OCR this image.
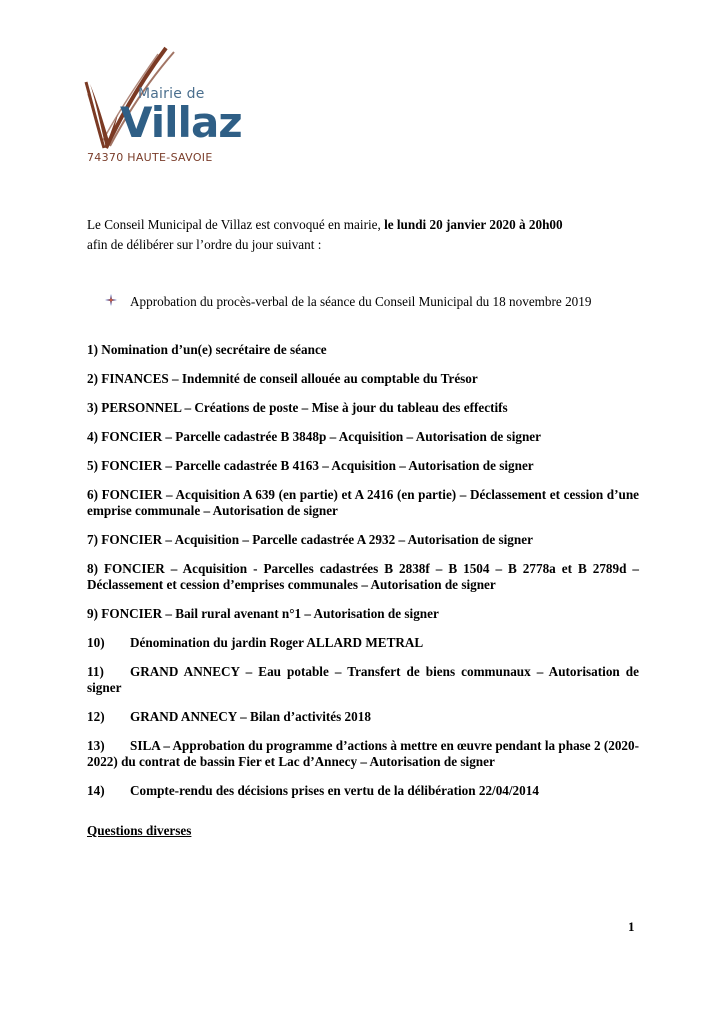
Mairie de
Villaz
74370 HAUTE-SAVOIE
Le Conseil Municipal de Villaz est convoqué en mairie, le lundi 20 janvier 2020 à 20h00
afin de délibérer sur l’ordre du jour suivant :
Approbation du procès-verbal de la séance du Conseil Municipal du 18 novembre 2019
1) Nomination d’un(e) secrétaire de séance
2) FINANCES – Indemnité de conseil allouée au comptable du Trésor
3) PERSONNEL – Créations de poste – Mise à jour du tableau des effectifs
4) FONCIER – Parcelle cadastrée B 3848p – Acquisition – Autorisation de signer
5) FONCIER – Parcelle cadastrée B 4163 – Acquisition – Autorisation de signer
6) FONCIER – Acquisition A 639 (en partie) et A 2416 (en partie) – Déclassement et cession d’une emprise communale – Autorisation de signer
7) FONCIER – Acquisition – Parcelle cadastrée A 2932 – Autorisation de signer
8) FONCIER – Acquisition - Parcelles cadastrées B 2838f – B 1504 – B 2778a et B 2789d – Déclassement et cession d’emprises communales – Autorisation de signer
9) FONCIER – Bail rural avenant n°1 – Autorisation de signer
10) Dénomination du jardin Roger ALLARD METRAL
11) GRAND ANNECY – Eau potable – Transfert de biens communaux – Autorisation de signer
12) GRAND ANNECY – Bilan d’activités 2018
13) SILA – Approbation du programme d’actions à mettre en œuvre pendant la phase 2 (2020-2022) du contrat de bassin Fier et Lac d’Annecy – Autorisation de signer
14) Compte-rendu des décisions prises en vertu de la délibération 22/04/2014
Questions diverses
1
